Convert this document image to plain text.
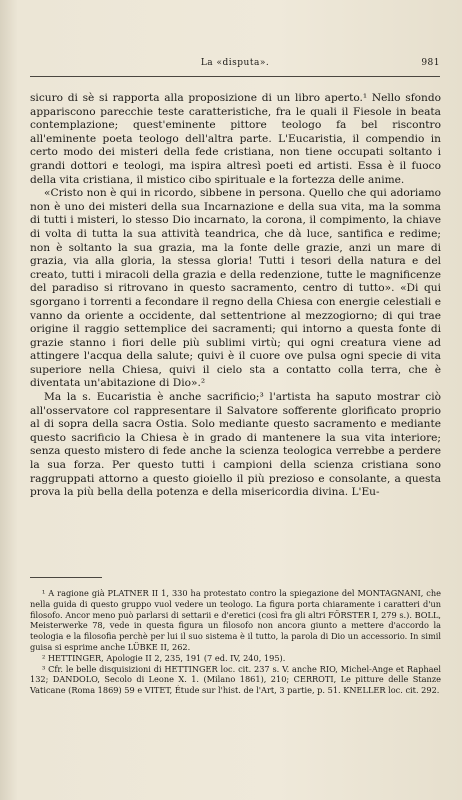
La «disputa».	981

sicuro di sè si rapporta alla proposizione di un libro aperto.¹ Nello sfondo appariscono parecchie teste caratteristiche, fra le quali il Fiesole in beata contemplazione; quest'eminente pittore teologo fa bel riscontro all'eminente poeta teologo dell'altra parte. L'Eucaristia, il compendio in certo modo dei misteri della fede cristiana, non tiene occupati soltanto i grandi dottori e teologi, ma ispira altresì poeti ed artisti. Essa è il fuoco della vita cristiana, il mistico cibo spirituale e la fortezza delle anime.

«Cristo non è qui in ricordo, sibbene in persona. Quello che qui adoriamo non è uno dei misteri della sua Incarnazione e della sua vita, ma la somma di tutti i misteri, lo stesso Dio incarnato, la corona, il compimento, la chiave di volta di tutta la sua attività teandrica, che dà luce, santifica e redime; non è soltanto la sua grazia, ma la fonte delle grazie, anzi un mare di grazia, via alla gloria, la stessa gloria! Tutti i tesori della natura e del creato, tutti i miracoli della grazia e della redenzione, tutte le magnificenze del paradiso si ritrovano in questo sacramento, centro di tutto». «Di qui sgorgano i torrenti a fecondare il regno della Chiesa con energie celestiali e vanno da oriente a occidente, dal settentrione al mezzogiorno; di qui trae origine il raggio settemplice dei sacramenti; qui intorno a questa fonte di grazie stanno i fiori delle più sublimi virtù; qui ogni creatura viene ad attingere l'acqua della salute; quivi è il cuore ove pulsa ogni specie di vita superiore nella Chiesa, quivi il cielo sta a contatto colla terra, che è diventata un'abitazione di Dio».²

Ma la s. Eucaristia è anche sacrificio;³ l'artista ha saputo mostrar ciò all'osservatore col rappresentare il Salvatore sofferente glorificato proprio al di sopra della sacra Ostia. Solo mediante questo sacramento e mediante questo sacrificio la Chiesa è in grado di mantenere la sua vita interiore; senza questo mistero di fede anche la scienza teologica verrebbe a perdere la sua forza. Per questo tutti i campioni della scienza cristiana sono raggruppati attorno a questo gioiello il più prezioso e consolante, a questa prova la più bella della potenza e della misericordia divina. L'Eu-

¹ A ragione già PLATNER II 1, 330 ha protestato contro la spiegazione del MONTAGNANI, che nella guida di questo gruppo vuol vedere un teologo. La figura porta chiaramente i caratteri d'un filosofo. Ancor meno può parlarsi di settarii e d'eretici (così fra gli altri FÖRSTER I, 279 s.). BOLL, Meisterwerke 78, vede in questa figura un filosofo non ancora giunto a mettere d'accordo la teologia e la filosofia perchè per lui il suo sistema è il tutto, la parola di Dio un accessorio. In simil guisa si esprime anche LÜBKE II, 262.

² HETTINGER, Apologie II 2, 235, 191 (7 ed. IV, 240, 195).

³ Cfr. le belle disquisizioni di HETTINGER loc. cit. 237 s. V. anche RIO, Michel-Ange et Raphael 132; DANDOLO, Secolo di Leone X. 1. (Milano 1861), 210; CERROTI, Le pitture delle Stanze Vaticane (Roma 1869) 59 e VITET, Étude sur l'hist. de l'Art, 3 partie, p. 51. KNELLER loc. cit. 292.
